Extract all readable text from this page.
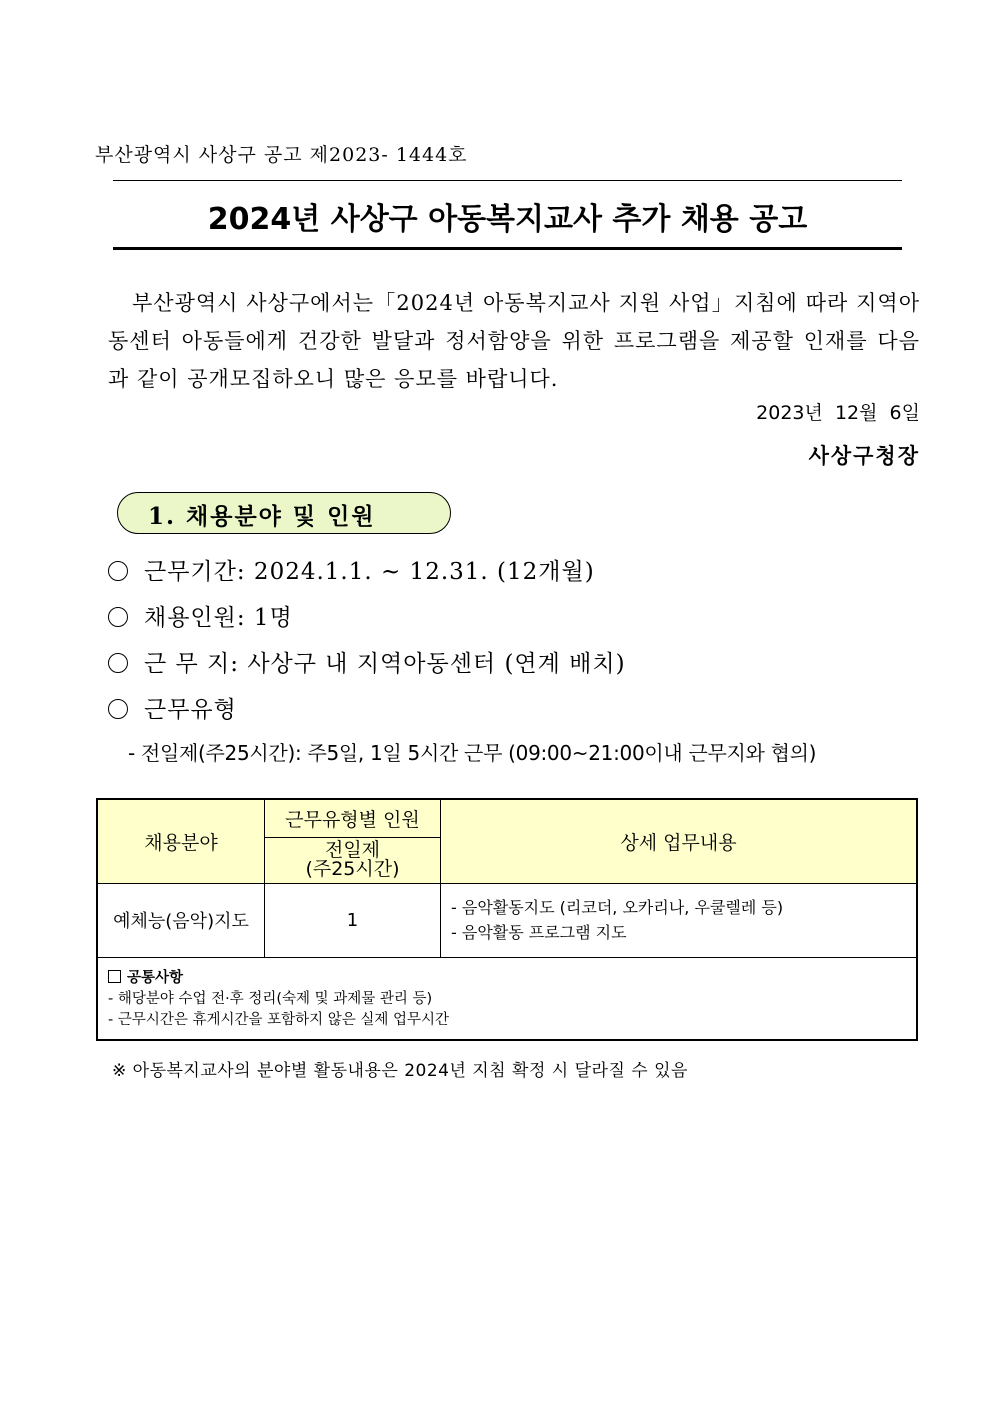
부산광역시 사상구 공고 제2023- 1444호
2024년 사상구 아동복지교사 추가 채용 공고
부산광역시 사상구에서는「2024년 아동복지교사 지원 사업」지침에 따라 지역아동센터 아동들에게 건강한 발달과 정서함양을 위한 프로그램을 제공할 인재를 다음과 같이 공개모집하오니 많은 응모를 바랍니다.
2023년  12월  6일
사상구청장
1. 채용분야 및 인원
근무기간: 2024.1.1. ~ 12.31. (12개월)
채용인원: 1명
근 무 지: 사상구 내 지역아동센터 (연계 배치)
근무유형
- 전일제(주25시간): 주5일, 1일 5시간 근무 (09:00~21:00이내 근무지와 협의)
채용분야	근무유형별 인원	상세 업무내용

	전일제
(주25시간)	

예체능(음악)지도	1	- 음악활동지도 (리코더, 오카리나, 우쿨렐레 등)
- 음악활동 프로그램 지도

공통사항
- 해당분야 수업 전·후 정리(숙제 및 과제물 관리 등)
- 근무시간은 휴게시간을 포함하지 않은 실제 업무시간		
※ 아동복지교사의 분야별 활동내용은 2024년 지침 확정 시 달라질 수 있음
